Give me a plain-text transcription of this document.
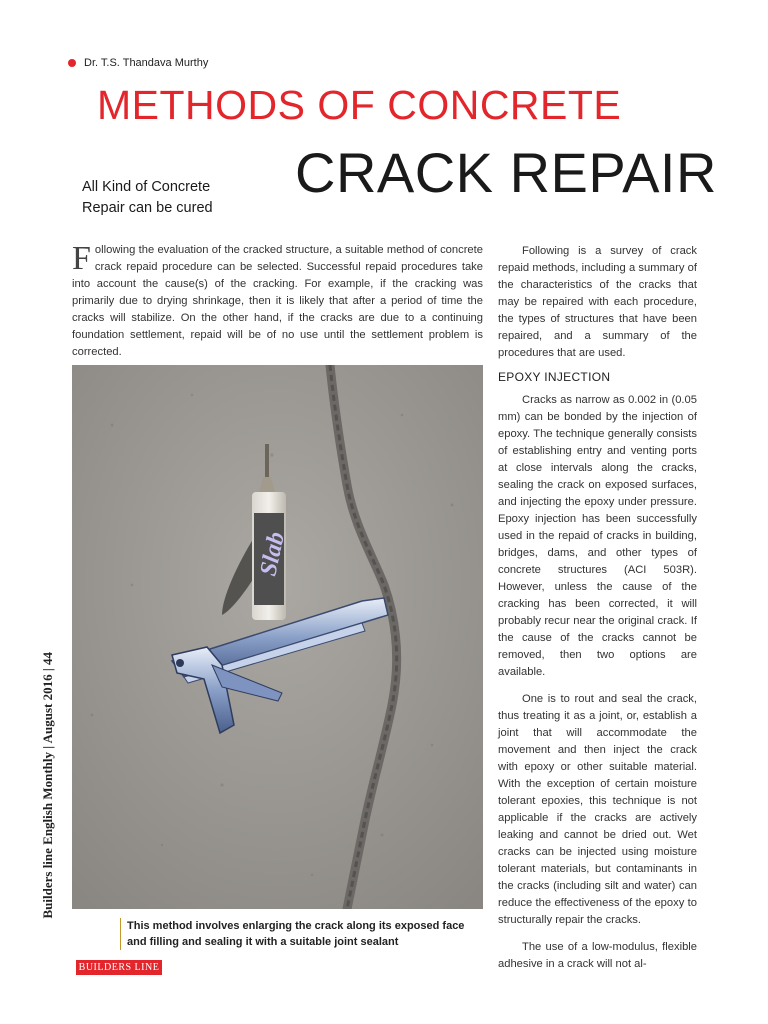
Dr. T.S. Thandava Murthy
METHODS OF CONCRETE
CRACK REPAIR
All Kind of Concrete
Repair can be cured
Following the evaluation of the cracked structure, a suitable method of concrete crack repaid procedure can be selected. Successful repaid procedures take into account the cause(s) of the cracking. For example, if the cracking was primarily due to drying shrinkage, then it is likely that after a period of time the cracks will stabilize. On the other hand, if the cracks are due to a continuing foundation settlement, repaid will be of no use until the settlement problem is corrected.
Slab
This method involves enlarging the crack along its exposed face and filling and sealing it with a suitable joint sealant
Builders line English Monthly | August 2016 | 44
BUILDERS LINE

Following is a survey of crack repaid methods, including a summary of the characteristics of the cracks that may be repaired with each procedure, the types of structures that have been repaired, and a summary of the procedures that are used.

EPOXY INJECTION

Cracks as narrow as 0.002 in (0.05 mm) can be bonded by the injection of epoxy. The technique generally consists of establishing entry and venting ports at close intervals along the cracks, sealing the crack on exposed surfaces, and injecting the epoxy under pressure. Epoxy injection has been successfully used in the repaid of cracks in building, bridges, dams, and other types of concrete structures (ACI 503R). However, unless the cause of the cracking has been corrected, it will probably recur near the original crack. If the cause of the cracks cannot be removed, then two options are available.

One is to rout and seal the crack, thus treating it as a joint, or, establish a joint that will accommodate the movement and then inject the crack with epoxy or other suitable material. With the exception of certain moisture tolerant epoxies, this technique is not applicable if the cracks are actively leaking and cannot be dried out. Wet cracks can be injected using moisture tolerant materials, but contaminants in the cracks (including silt and water) can reduce the effectiveness of the epoxy to structurally repair the cracks.

The use of a low-modulus, flexible adhesive in a crack will not al-
